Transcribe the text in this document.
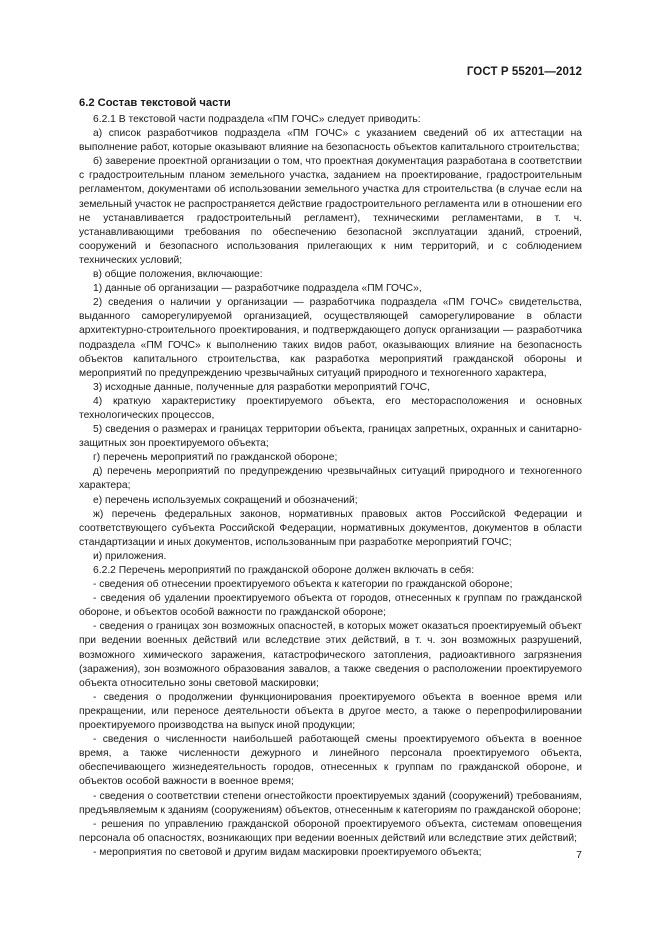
ГОСТ Р 55201—2012
6.2 Состав текстовой части

6.2.1 В текстовой части подраздела «ПМ ГОЧС» следует приводить:

а) список разработчиков подраздела «ПМ ГОЧС» с указанием сведений об их аттестации на выполнение работ, которые оказывают влияние на безопасность объектов капитального строительства;

б) заверение проектной организации о том, что проектная документация разработана в соответствии с градостроительным планом земельного участка, заданием на проектирование, градостроительным регламентом, документами об использовании земельного участка для строительства (в случае если на земельный участок не распространяется действие градостроительного регламента или в отношении его не устанавливается градостроительный регламент), техническими регламентами, в т. ч. устанавливающими требования по обеспечению безопасной эксплуатации зданий, строений, сооружений и безопасного использования прилегающих к ним территорий, и с соблюдением технических условий;

в) общие положения, включающие:

1) данные об организации — разработчике подраздела «ПМ ГОЧС»,

2) сведения о наличии у организации — разработчика подраздела «ПМ ГОЧС» свидетельства, выданного саморегулируемой организацией, осуществляющей саморегулирование в области архитектурно-строительного проектирования, и подтверждающего допуск организации — разработчика подраздела «ПМ ГОЧС» к выполнению таких видов работ, оказывающих влияние на безопасность объектов капитального строительства, как разработка мероприятий гражданской обороны и мероприятий по предупреждению чрезвычайных ситуаций природного и техногенного характера,

3) исходные данные, полученные для разработки мероприятий ГОЧС,

4) краткую характеристику проектируемого объекта, его месторасположения и основных технологических процессов,

5) сведения о размерах и границах территории объекта, границах запретных, охранных и санитарно-защитных зон проектируемого объекта;

г) перечень мероприятий по гражданской обороне;

д) перечень мероприятий по предупреждению чрезвычайных ситуаций природного и техногенного характера;

е) перечень используемых сокращений и обозначений;

ж) перечень федеральных законов, нормативных правовых актов Российской Федерации и соответствующего субъекта Российской Федерации, нормативных документов, документов в области стандартизации и иных документов, использованным при разработке мероприятий ГОЧС;

и) приложения.

6.2.2 Перечень мероприятий по гражданской обороне должен включать в себя:

- сведения об отнесении проектируемого объекта к категории по гражданской обороне;

- сведения об удалении проектируемого объекта от городов, отнесенных к группам по гражданской обороне, и объектов особой важности по гражданской обороне;

- сведения о границах зон возможных опасностей, в которых может оказаться проектируемый объект при ведении военных действий или вследствие этих действий, в т. ч. зон возможных разрушений, возможного химического заражения, катастрофического затопления, радиоактивного загрязнения (заражения), зон возможного образования завалов, а также сведения о расположении проектируемого объекта относительно зоны световой маскировки;

- сведения о продолжении функционирования проектируемого объекта в военное время или прекращении, или переносе деятельности объекта в другое место, а также о перепрофилировании проектируемого производства на выпуск иной продукции;

- сведения о численности наибольшей работающей смены проектируемого объекта в военное время, а также численности дежурного и линейного персонала проектируемого объекта, обеспечивающего жизнедеятельность городов, отнесенных к группам по гражданской обороне, и объектов особой важности в военное время;

- сведения о соответствии степени огнестойкости проектируемых зданий (сооружений) требованиям, предъявляемым к зданиям (сооружениям) объектов, отнесенным к категориям по гражданской обороне;

- решения по управлению гражданской обороной проектируемого объекта, системам оповещения персонала об опасностях, возникающих при ведении военных действий или вследствие этих действий;

- мероприятия по световой и другим видам маскировки проектируемого объекта;	7
